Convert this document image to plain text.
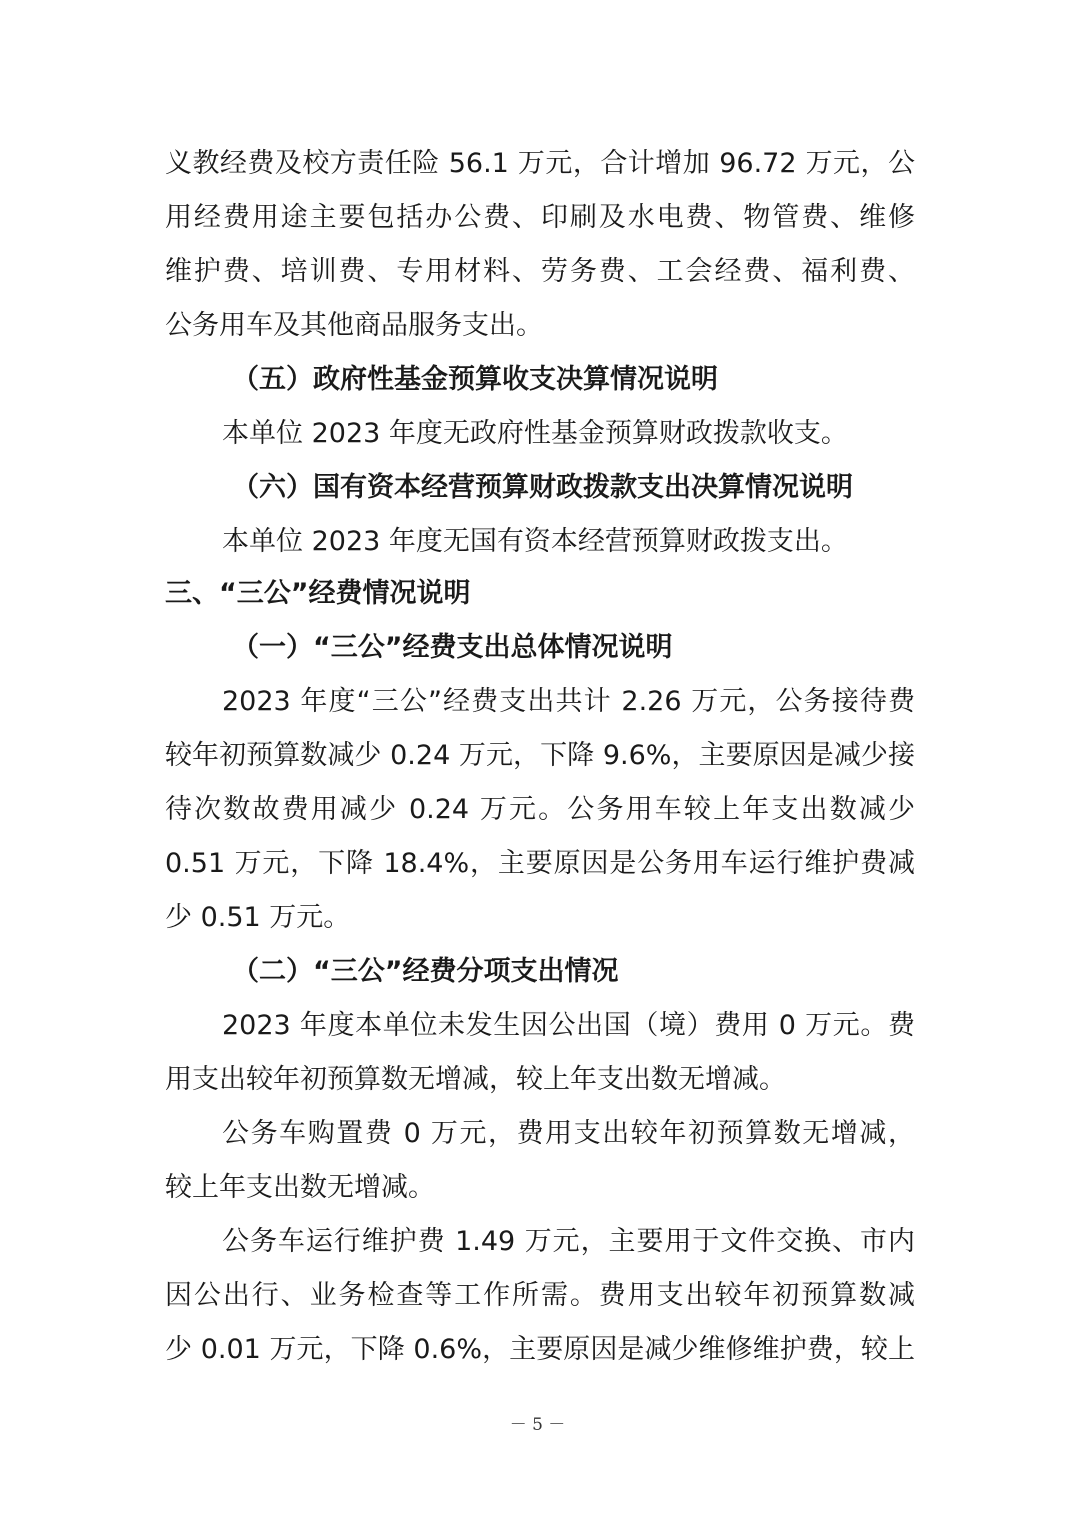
义教经费及校方责任险 56.1 万元，合计增加 96.72 万元，公
用经费用途主要包括办公费、印刷及水电费、物管费、维修
维护费、培训费、专用材料、劳务费、工会经费、福利费、
公务用车及其他商品服务支出。
（五）政府性基金预算收支决算情况说明
本单位 2023 年度无政府性基金预算财政拨款收支。
（六）国有资本经营预算财政拨款支出决算情况说明
本单位 2023 年度无国有资本经营预算财政拨支出。
三、“三公”经费情况说明
（一）“三公”经费支出总体情况说明
2023 年度“三公”经费支出共计 2.26 万元，公务接待费
较年初预算数减少 0.24 万元，下降 9.6%，主要原因是减少接
待次数故费用减少 0.24 万元。公务用车较上年支出数减少
0.51 万元，下降 18.4%，主要原因是公务用车运行维护费减
少 0.51 万元。
（二）“三公”经费分项支出情况
2023 年度本单位未发生因公出国（境）费用 0 万元。费
用支出较年初预算数无增减，较上年支出数无增减。
公务车购置费 0 万元，费用支出较年初预算数无增减，
较上年支出数无增减。
公务车运行维护费 1.49 万元，主要用于文件交换、市内
因公出行、业务检查等工作所需。费用支出较年初预算数减
少 0.01 万元，下降 0.6%，主要原因是减少维修维护费，较上
－ 5 －
